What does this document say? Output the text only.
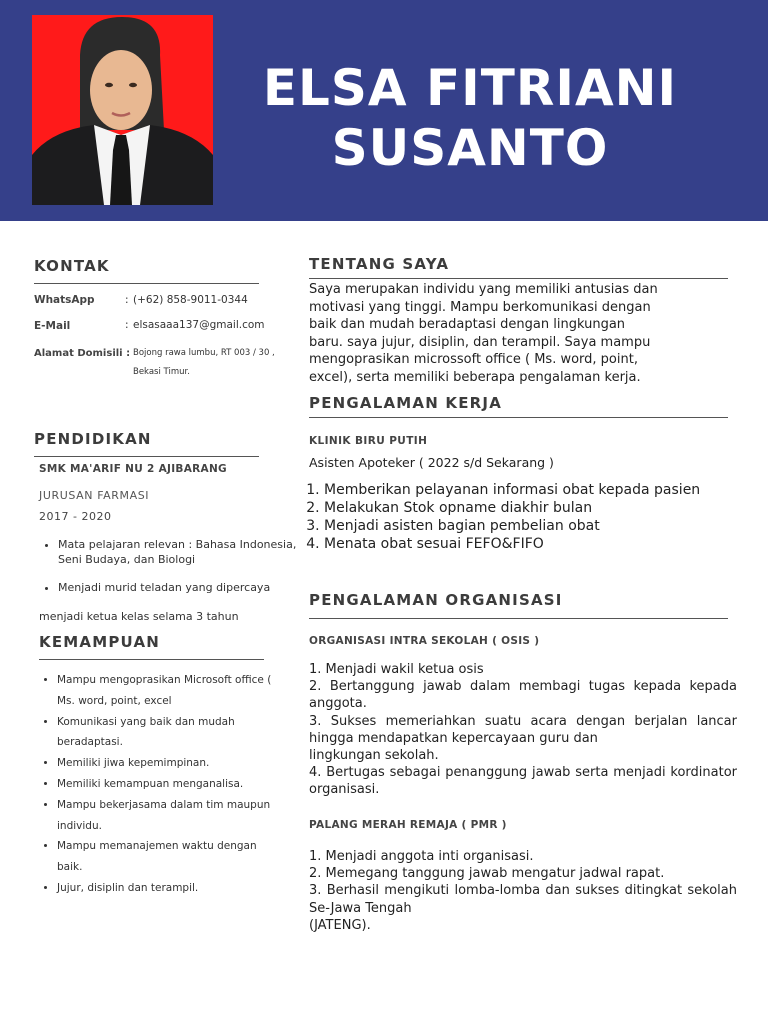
ELSA FITRIANI
SUSANTO
KONTAK
WhatsApp	: (+62) 858-9011-0344
E-Mail	: elsasaaa137@gmail.com
Alamat Domisili : Bojong rawa lumbu, RT 003 / 30 ,
Bekasi Timur.
PENDIDIKAN
SMK MA'ARIF NU 2 AJIBARANG
JURUSAN FARMASI
2017 - 2020
• Mata pelajaran relevan : Bahasa Indonesia, Seni Budaya, dan Biologi
• Menjadi murid teladan yang dipercaya
menjadi ketua kelas selama 3 tahun
KEMAMPUAN
• Mampu mengoprasikan Microsoft office ( Ms. word, point, excel
• Komunikasi yang baik dan mudah beradaptasi.
• Memiliki jiwa kepemimpinan.
• Memiliki kemampuan menganalisa.
• Mampu bekerjasama dalam tim maupun individu.
• Mampu memanajemen waktu dengan baik.
• Jujur, disiplin dan terampil.
TENTANG SAYA
Saya merupakan individu yang memiliki antusias dan
motivasi yang tinggi. Mampu berkomunikasi dengan
baik dan mudah beradaptasi dengan lingkungan
baru. saya jujur, disiplin, dan terampil. Saya mampu
mengoprasikan microssoft office ( Ms. word, point,
excel), serta memiliki beberapa pengalaman kerja.
PENGALAMAN KERJA
KLINIK BIRU PUTIH
Asisten Apoteker ( 2022 s/d Sekarang )
1. Memberikan pelayanan informasi obat kepada pasien
2. Melakukan Stok opname diakhir bulan
3. Menjadi asisten bagian pembelian obat
4. Menata obat sesuai FEFO&FIFO
PENGALAMAN ORGANISASI
ORGANISASI INTRA SEKOLAH ( OSIS )
1. Menjadi wakil ketua osis
2. Bertanggung jawab dalam membagi tugas kepada kepada anggota.
3. Sukses memeriahkan suatu acara dengan berjalan lancar hingga mendapatkan kepercayaan guru dan
lingkungan sekolah.
4. Bertugas sebagai penanggung jawab serta menjadi kordinator organisasi.
PALANG MERAH REMAJA ( PMR )
1. Menjadi anggota inti organisasi.
2. Memegang tanggung jawab mengatur jadwal rapat.
3. Berhasil mengikuti lomba-lomba dan sukses ditingkat sekolah Se-Jawa Tengah
(JATENG).
